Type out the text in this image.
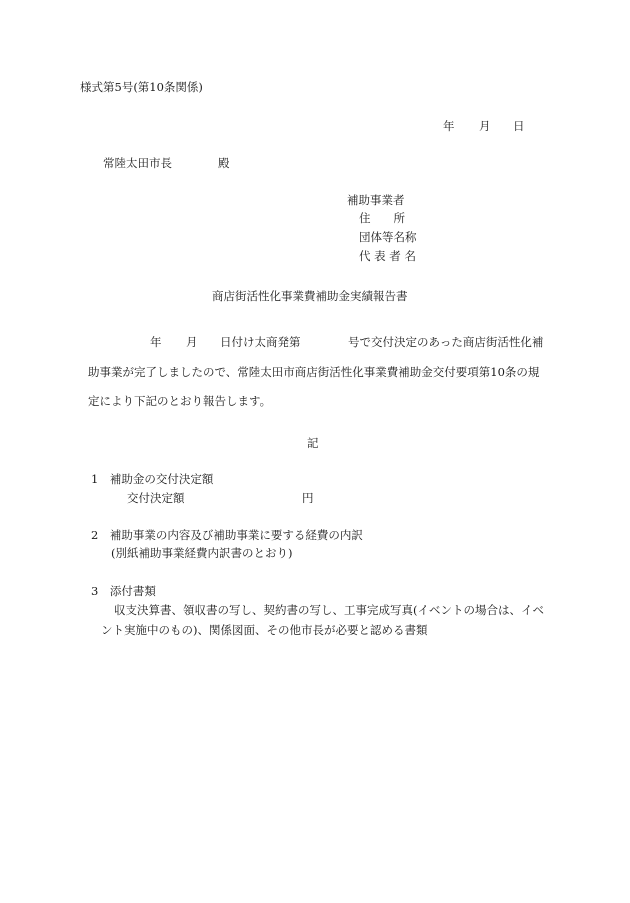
様式第5号(第10条関係)
年 月 日
常陸太田市長	殿
補助事業者
住　　所
団体等名称
代 表 者 名
商店街活性化事業費補助金実績報告書
年 月 日付け太商発第	号で交付決定のあった商店街活性化補
助事業が完了しましたので、常陸太田市商店街活性化事業費補助金交付要項第10条の規
定により下記のとおり報告します。
記
1　補助金の交付決定額
交付決定額	円
2　補助事業の内容及び補助事業に要する経費の内訳
(別紙補助事業経費内訳書のとおり)
3　添付書類
収支決算書、領収書の写し、契約書の写し、工事完成写真(イベントの場合は、イベ
ント実施中のもの)、関係図面、その他市長が必要と認める書類
